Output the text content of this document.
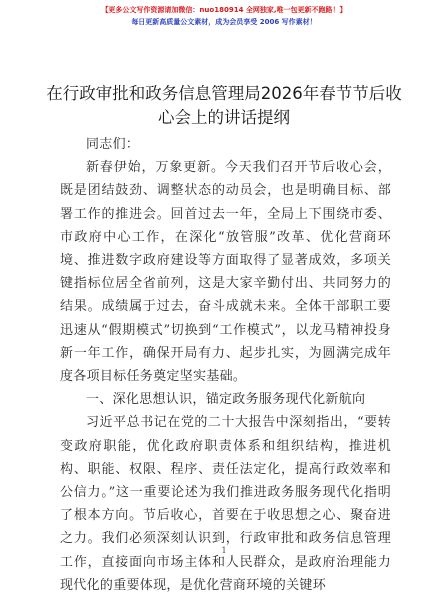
【更多公文写作资源请加微信：nuo180914 全网独家,唯一包更新不跑路！】
每日更新高质量公文素材，成为会员享受 2006 写作素材！
在行政审批和政务信息管理局2026年春节节后收心会上的讲话提纲

同志们：

新春伊始，万象更新。今天我们召开节后收心会，既是团结鼓劲、调整状态的动员会，也是明确目标、部署工作的推进会。回首过去一年，全局上下围绕市委、市政府中心工作，在深化“放管服”改革、优化营商环境、推进数字政府建设等方面取得了显著成效，多项关键指标位居全省前列，这是大家辛勤付出、共同努力的结果。成绩属于过去，奋斗成就未来。全体干部职工要迅速从“假期模式”切换到“工作模式”，以龙马精神投身新一年工作，确保开局有力、起步扎实，为圆满完成年度各项目标任务奠定坚实基础。

一、深化思想认识，锚定政务服务现代化新航向

习近平总书记在党的二十大报告中深刻指出，“要转变政府职能，优化政府职责体系和组织结构，推进机构、职能、权限、程序、责任法定化，提高行政效率和公信力。”这一重要论述为我们推进政务服务现代化指明了根本方向。节后收心，首要在于收思想之心、聚奋进之力。我们必须深刻认识到，行政审批和政务信息管理工作，直接面向市场主体和人民群众，是政府治理能力现代化的重要体现，是优化营商环境的关键环

1
